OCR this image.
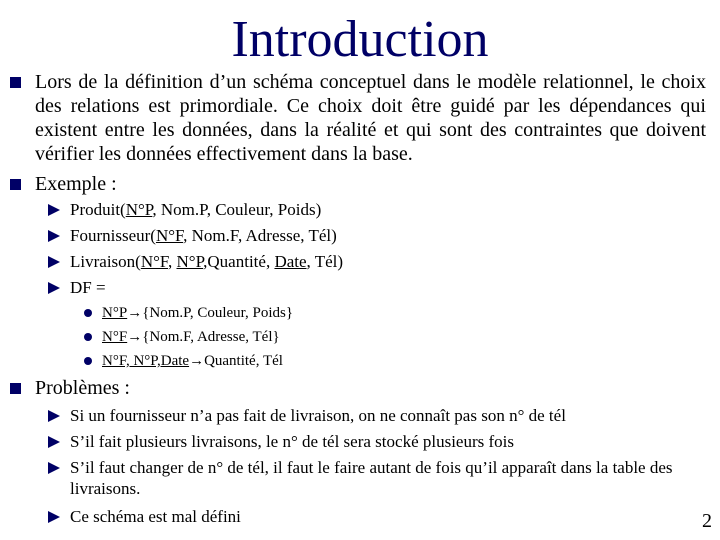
Introduction
Lors de la définition d’un schéma conceptuel dans le modèle relationnel, le choix des relations est primordiale. Ce choix doit être guidé par les dépendances qui existent entre les données, dans la réalité et qui sont des contraintes que doivent vérifier les données effectivement dans la base.
Exemple :
Produit(N°P, Nom.P, Couleur, Poids)
Fournisseur(N°F, Nom.F, Adresse, Tél)
Livraison(N°F, N°P,Quantité, Date, Tél)
DF =
N°P→{Nom.P, Couleur, Poids}
N°F→{Nom.F, Adresse, Tél}
N°F, N°P,Date→Quantité, Tél
Problèmes :
Si un fournisseur n’a pas fait de livraison, on ne connaît pas son n° de tél
S’il fait plusieurs livraisons, le n° de tél sera stocké plusieurs fois
S’il faut changer de n° de tél, il faut le faire autant de fois qu’il apparaît dans la table des livraisons.
Ce schéma est mal défini	2
